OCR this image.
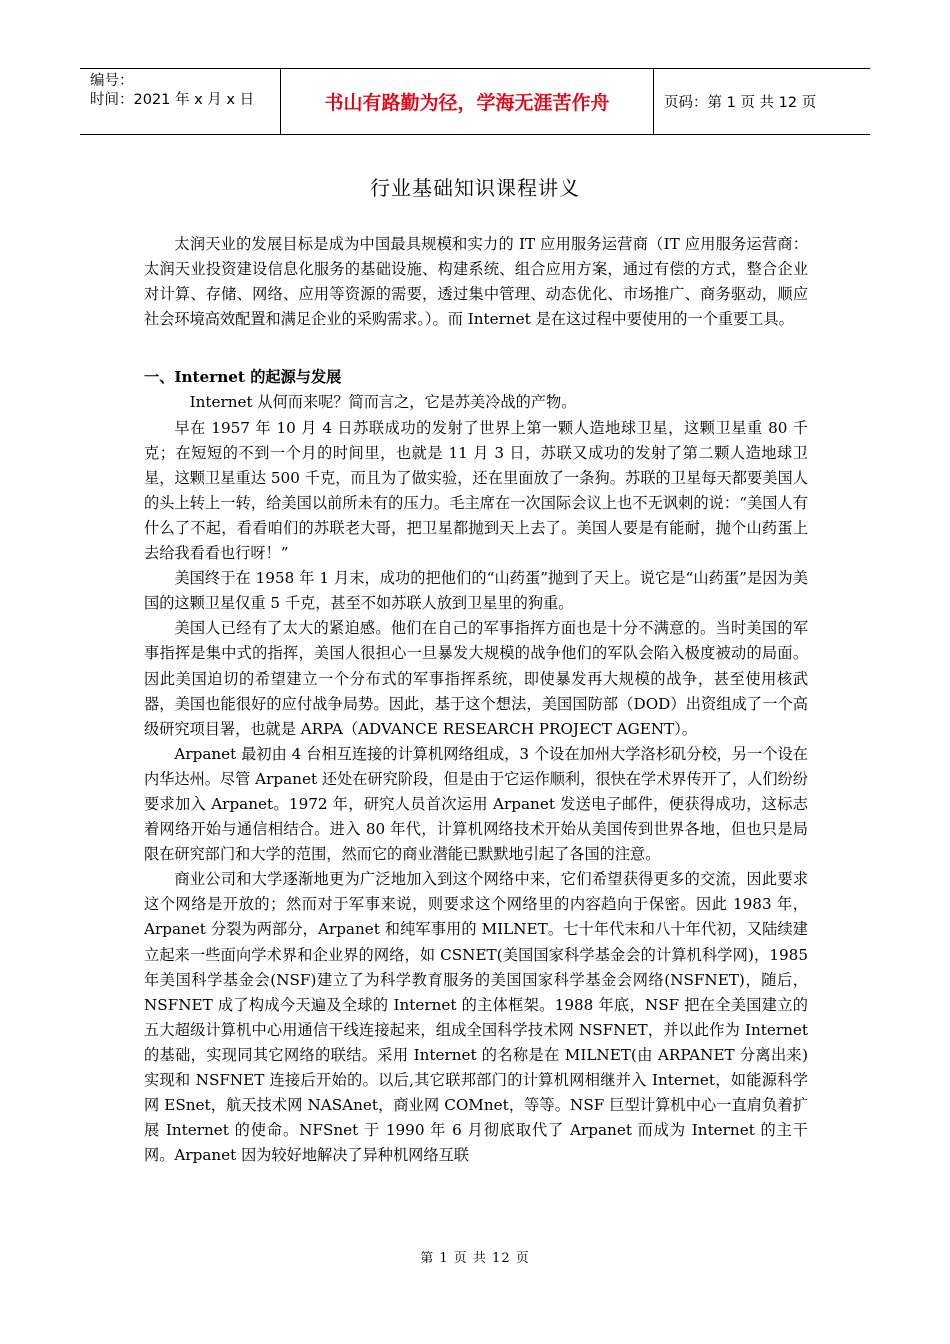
编号：
时间：2021 年 x 月 x 日	书山有路勤为径，学海无涯苦作舟	页码：第 1 页 共 12 页
行业基础知识课程讲义

太润天业的发展目标是成为中国最具规模和实力的 IT 应用服务运营商（IT 应用服务运营商：太润天业投资建设信息化服务的基础设施、构建系统、组合应用方案，通过有偿的方式，整合企业对计算、存储、网络、应用等资源的需要，透过集中管理、动态优化、市场推广、商务驱动，顺应社会环境高效配置和满足企业的采购需求。）。而 Internet 是在这过程中要使用的一个重要工具。

一、Internet 的起源与发展

Internet 从何而来呢？简而言之，它是苏美冷战的产物。

早在 1957 年 10 月 4 日苏联成功的发射了世界上第一颗人造地球卫星，这颗卫星重 80 千克；在短短的不到一个月的时间里，也就是 11 月 3 日，苏联又成功的发射了第二颗人造地球卫星，这颗卫星重达 500 千克，而且为了做实验，还在里面放了一条狗。苏联的卫星每天都要美国人的头上转上一转，给美国以前所未有的压力。毛主席在一次国际会议上也不无讽刺的说：“美国人有什么了不起，看看咱们的苏联老大哥，把卫星都抛到天上去了。美国人要是有能耐，抛个山药蛋上去给我看看也行呀！”

美国终于在 1958 年 1 月末，成功的把他们的“山药蛋”抛到了天上。说它是“山药蛋”是因为美国的这颗卫星仅重 5 千克，甚至不如苏联人放到卫星里的狗重。

美国人已经有了太大的紧迫感。他们在自己的军事指挥方面也是十分不满意的。当时美国的军事指挥是集中式的指挥，美国人很担心一旦暴发大规模的战争他们的军队会陷入极度被动的局面。因此美国迫切的希望建立一个分布式的军事指挥系统，即使暴发再大规模的战争，甚至使用核武器，美国也能很好的应付战争局势。因此，基于这个想法，美国国防部（DOD）出资组成了一个高级研究项目署，也就是 ARPA（ADVANCE RESEARCH PROJECT AGENT）。

Arpanet 最初由 4 台相互连接的计算机网络组成，3 个设在加州大学洛杉矶分校，另一个设在内华达州。尽管 Arpanet 还处在研究阶段，但是由于它运作顺利，很快在学术界传开了，人们纷纷要求加入 Arpanet。1972 年，研究人员首次运用 Arpanet 发送电子邮件，便获得成功，这标志着网络开始与通信相结合。进入 80 年代，计算机网络技术开始从美国传到世界各地，但也只是局限在研究部门和大学的范围，然而它的商业潜能已默默地引起了各国的注意。

商业公司和大学逐渐地更为广泛地加入到这个网络中来，它们希望获得更多的交流，因此要求这个网络是开放的；然而对于军事来说，则要求这个网络里的内容趋向于保密。因此 1983 年，Arpanet 分裂为两部分，Arpanet 和纯军事用的 MILNET。七十年代末和八十年代初，又陆续建立起来一些面向学术界和企业界的网络，如 CSNET(美国国家科学基金会的计算机科学网)，1985 年美国科学基金会(NSF)建立了为科学教育服务的美国国家科学基金会网络(NSFNET)，随后，NSFNET 成了构成今天遍及全球的 Internet 的主体框架。1988 年底，NSF 把在全美国建立的五大超级计算机中心用通信干线连接起来，组成全国科学技术网 NSFNET，并以此作为 Internet 的基础，实现同其它网络的联结。采用 Internet 的名称是在 MILNET(由 ARPANET 分离出来) 实现和 NSFNET 连接后开始的。以后,其它联邦部门的计算机网相继并入 Internet，如能源科学网 ESnet，航天技术网 NASAnet，商业网 COMnet，等等。NSF 巨型计算机中心一直肩负着扩展 Internet 的使命。NFSnet 于 1990 年 6 月彻底取代了 Arpanet 而成为 Internet 的主干网。Arpanet 因为较好地解决了异种机网络互联

第 1 页 共 12 页
